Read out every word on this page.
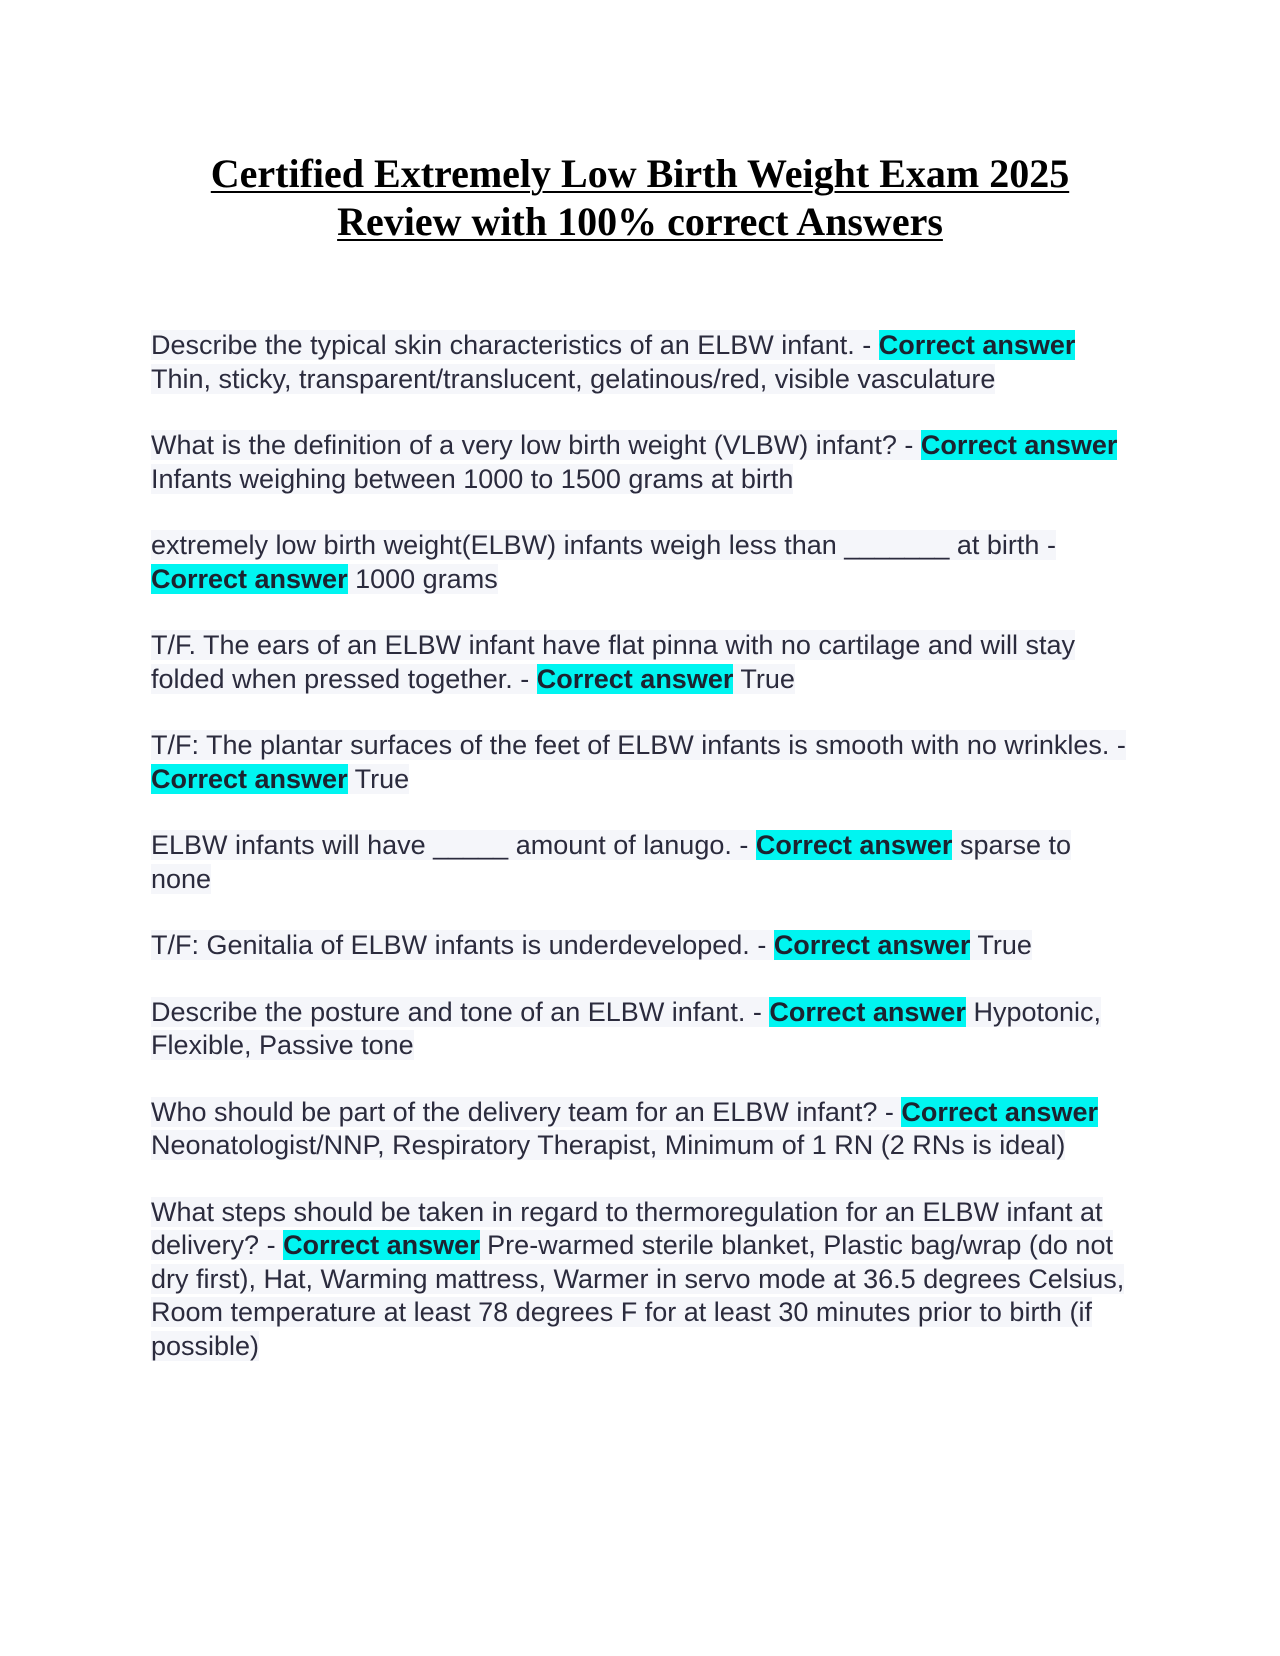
Certified Extremely Low Birth Weight Exam 2025 Review with 100% correct Answers

Describe the typical skin characteristics of an ELBW infant. - Correct answer Thin, sticky, transparent/translucent, gelatinous/red, visible vasculature

What is the definition of a very low birth weight (VLBW) infant? - Correct answer Infants weighing between 1000 to 1500 grams at birth

extremely low birth weight(ELBW) infants weigh less than _______ at birth - Correct answer 1000 grams

T/F. The ears of an ELBW infant have flat pinna with no cartilage and will stay folded when pressed together. - Correct answer True

T/F: The plantar surfaces of the feet of ELBW infants is smooth with no wrinkles. - Correct answer True

ELBW infants will have _____ amount of lanugo. - Correct answer sparse to none

T/F: Genitalia of ELBW infants is underdeveloped. - Correct answer True

Describe the posture and tone of an ELBW infant. - Correct answer Hypotonic, Flexible, Passive tone

Who should be part of the delivery team for an ELBW infant? - Correct answer Neonatologist/NNP, Respiratory Therapist, Minimum of 1 RN (2 RNs is ideal)

What steps should be taken in regard to thermoregulation for an ELBW infant at delivery? - Correct answer Pre-warmed sterile blanket, Plastic bag/wrap (do not dry first), Hat, Warming mattress, Warmer in servo mode at 36.5 degrees Celsius, Room temperature at least 78 degrees F for at least 30 minutes prior to birth (if possible)
